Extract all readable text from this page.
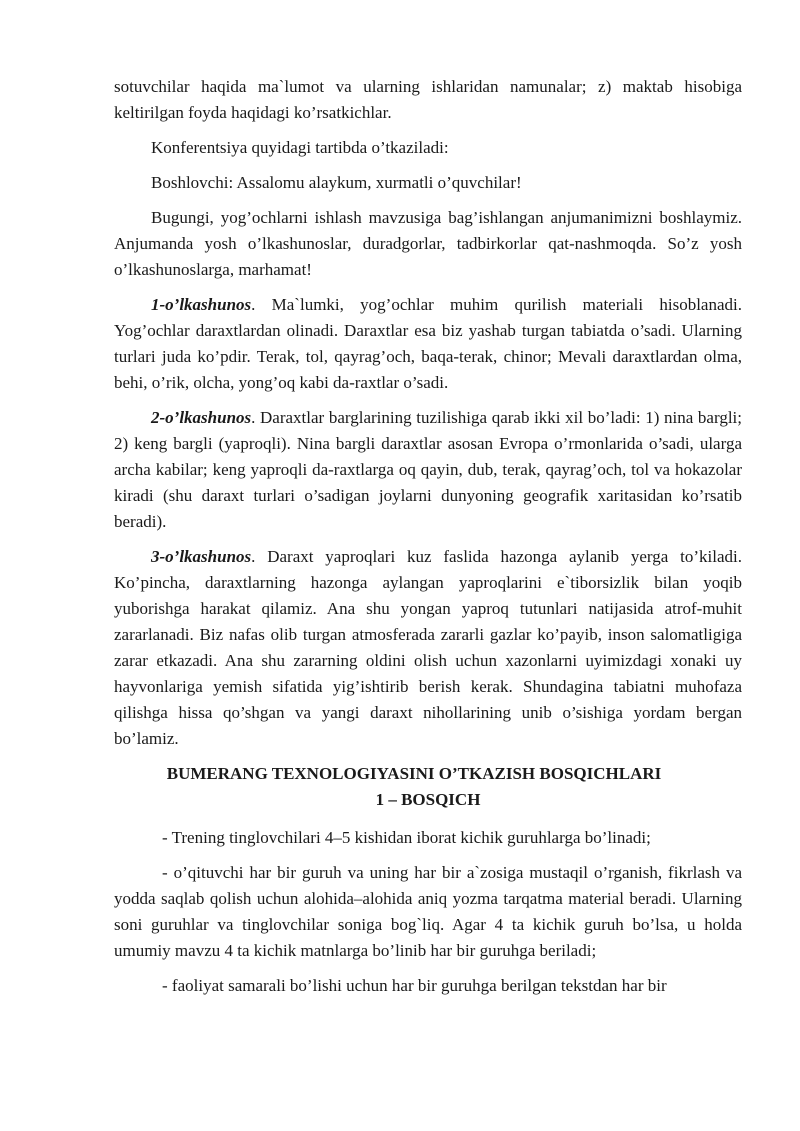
sotuvchilar haqida ma`lumot va ularning ishlaridan namunalar; z) maktab hisobiga keltirilgan foyda haqidagi ko’rsatkichlar.

Konferentsiya quyidagi tartibda o’tkaziladi:

Boshlovchi: Assalomu alaykum, xurmatli o’quvchilar!

Bugungi, yog’ochlarni ishlash mavzusiga bag’ishlangan anjumanimizni boshlaymiz. Anjumanda yosh o’lkashunoslar, duradgorlar, tadbirkorlar qat-nashmoqda. So’z yosh o’lkashunoslarga, marhamat!

1-o’lkashunos. Ma`lumki, yog’ochlar muhim qurilish materiali hisoblanadi. Yog’ochlar daraxtlardan olinadi. Daraxtlar esa biz yashab turgan tabiatda o’sadi. Ularning turlari juda ko’pdir. Terak, tol, qayrag’och, baqa-terak, chinor; Mevali daraxtlardan olma, behi, o’rik, olcha, yong’oq kabi da-raxtlar o’sadi.

2-o’lkashunos. Daraxtlar barglarining tuzilishiga qarab ikki xil bo’ladi: 1) nina bargli; 2) keng bargli (yaproqli). Nina bargli daraxtlar asosan Evropa o’rmonlarida o’sadi, ularga archa kabilar; keng yaproqli da-raxtlarga oq qayin, dub, terak, qayrag’och, tol va hokazolar kiradi (shu daraxt turlari o’sadigan joylarni dunyoning geografik xaritasidan ko’rsatib beradi).

3-o’lkashunos. Daraxt yaproqlari kuz faslida hazonga aylanib yerga to’kiladi. Ko’pincha, daraxtlarning hazonga aylangan yaproqlarini e`tiborsizlik bilan yoqib yuborishga harakat qilamiz. Ana shu yongan yaproq tutunlari natijasida atrof-muhit zararlanadi. Biz nafas olib turgan atmosferada zararli gazlar ko’payib, inson salomatligiga zarar etkazadi. Ana shu zararning oldini olish uchun xazonlarni uyimizdagi xonaki uy hayvonlariga yemish sifatida yig’ishtirib berish kerak. Shundagina tabiatni muhofaza qilishga hissa qo’shgan va yangi daraxt nihollarining unib o’sishiga yordam bergan bo’lamiz.

BUMERANG TEXNOLOGIYASINI O’TKAZISH BOSQICHLARI

1 – BOSQICH

- Trening tinglovchilari 4–5 kishidan iborat kichik guruhlarga bo’linadi;

- o’qituvchi har bir guruh va uning har bir a`zosiga mustaqil o’rganish, fikrlash va yodda saqlab qolish uchun alohida–alohida aniq yozma tarqatma material beradi. Ularning soni guruhlar va tinglovchilar soniga bog`liq. Agar 4 ta kichik guruh bo’lsa, u holda umumiy mavzu 4 ta kichik matnlarga bo’linib har bir guruhga beriladi;

- faoliyat samarali bo’lishi uchun har bir guruhga berilgan tekstdan har bir
